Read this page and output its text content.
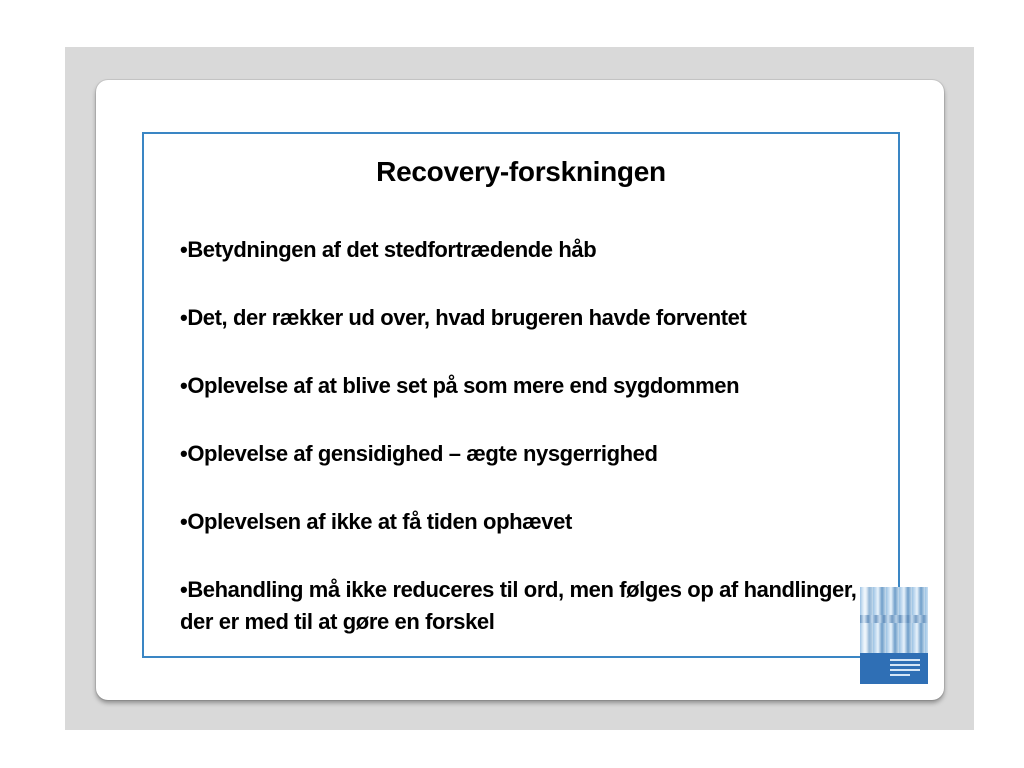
Recovery-forskningen
• Betydningen af det stedfortrædende håb
• Det, der rækker ud over, hvad brugeren havde forventet
• Oplevelse af at blive set på som mere end sygdommen
• Oplevelse af gensidighed – ægte nysgerrighed
• Oplevelsen af ikke at få tiden ophævet
• Behandling må ikke reduceres til ord, men følges op af handlinger, der er med til at gøre en forskel
